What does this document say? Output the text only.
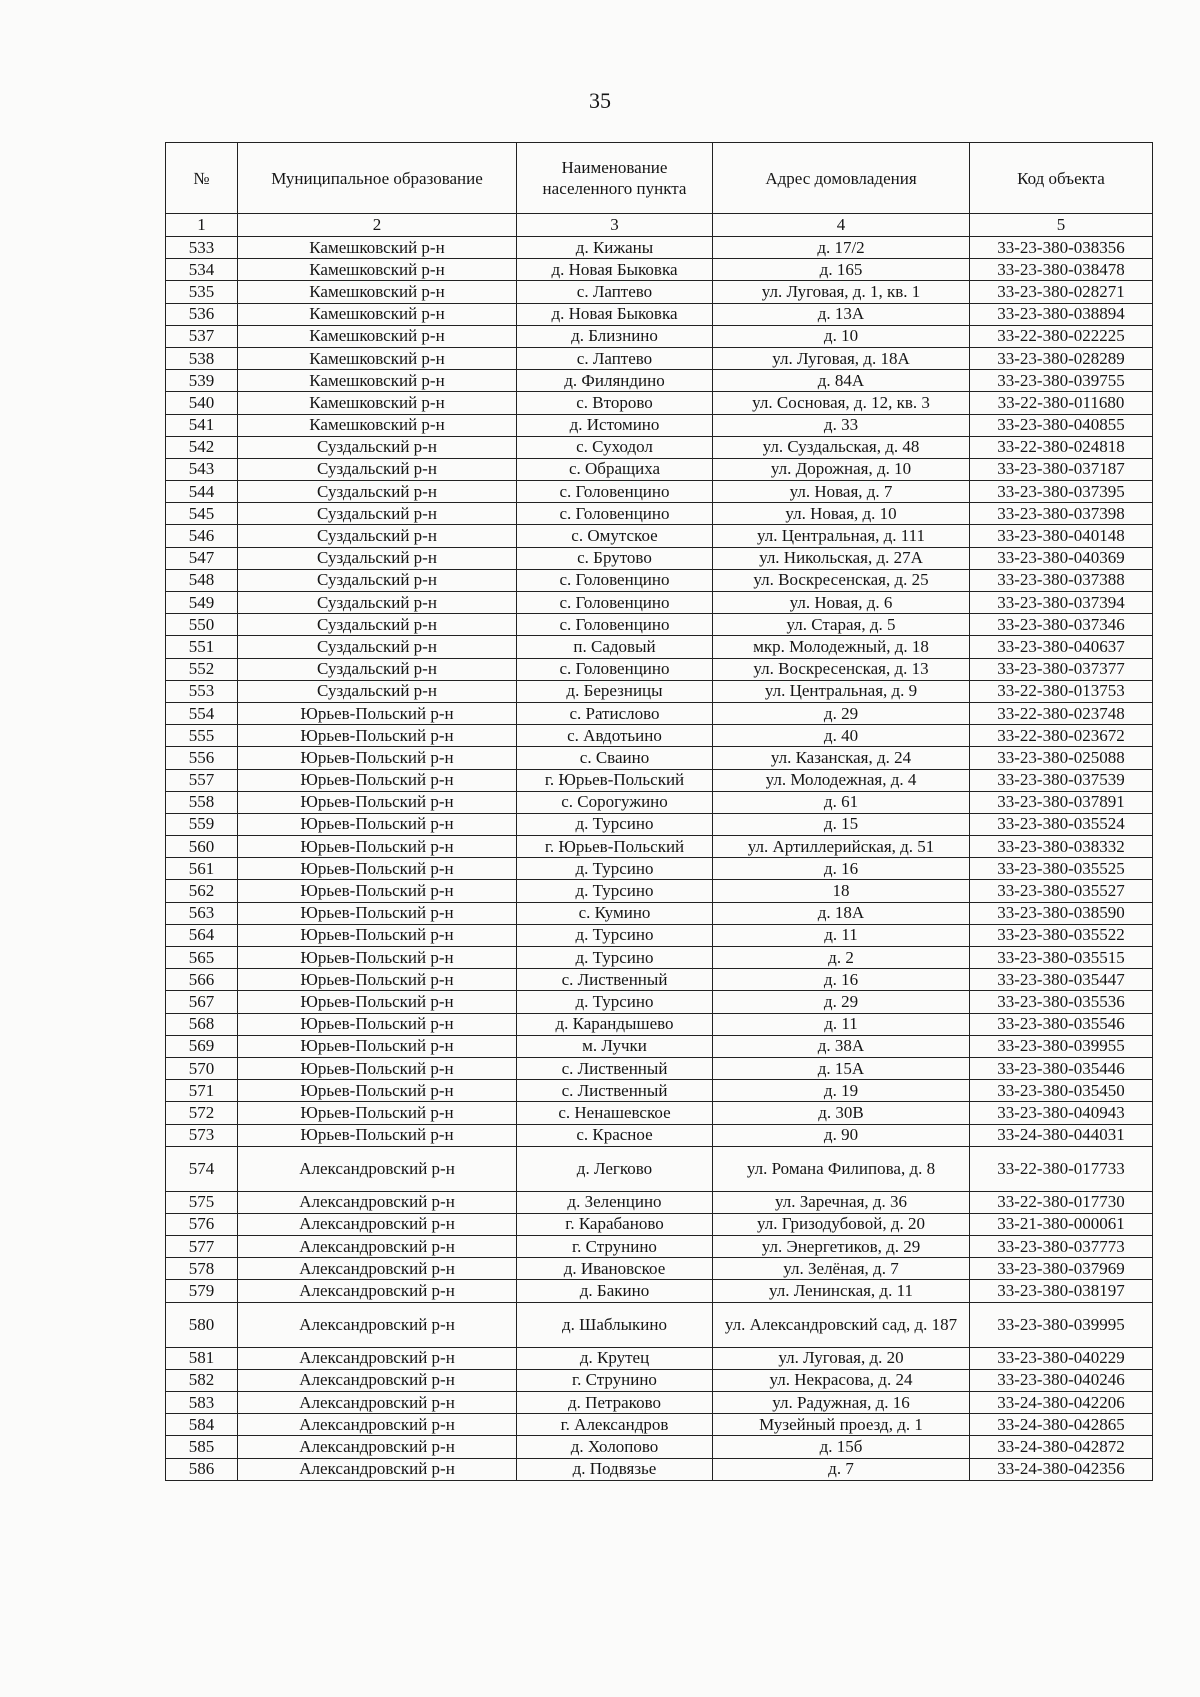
35
№	Муниципальное образование	Наименование населенного пункта	Адрес домовладения	Код объекта
1	2	3	4	5
533	Камешковский р-н	д. Кижаны	д. 17/2	33-23-380-038356
534	Камешковский р-н	д. Новая Быковка	д. 165	33-23-380-038478
535	Камешковский р-н	с. Лаптево	ул. Луговая, д. 1, кв. 1	33-23-380-028271
536	Камешковский р-н	д. Новая Быковка	д. 13А	33-23-380-038894
537	Камешковский р-н	д. Близнино	д. 10	33-22-380-022225
538	Камешковский р-н	с. Лаптево	ул. Луговая, д. 18А	33-23-380-028289
539	Камешковский р-н	д. Филяндино	д. 84А	33-23-380-039755
540	Камешковский р-н	с. Второво	ул. Сосновая, д. 12, кв. 3	33-22-380-011680
541	Камешковский р-н	д. Истомино	д. 33	33-23-380-040855
542	Суздальский р-н	с. Суходол	ул. Суздальская, д. 48	33-22-380-024818
543	Суздальский р-н	с. Обращиха	ул. Дорожная, д. 10	33-23-380-037187
544	Суздальский р-н	с. Головенцино	ул. Новая, д. 7	33-23-380-037395
545	Суздальский р-н	с. Головенцино	ул. Новая, д. 10	33-23-380-037398
546	Суздальский р-н	с. Омутское	ул. Центральная, д. 111	33-23-380-040148
547	Суздальский р-н	с. Брутово	ул. Никольская, д. 27А	33-23-380-040369
548	Суздальский р-н	с. Головенцино	ул. Воскресенская, д. 25	33-23-380-037388
549	Суздальский р-н	с. Головенцино	ул. Новая, д. 6	33-23-380-037394
550	Суздальский р-н	с. Головенцино	ул. Старая, д. 5	33-23-380-037346
551	Суздальский р-н	п. Садовый	мкр. Молодежный, д. 18	33-23-380-040637
552	Суздальский р-н	с. Головенцино	ул. Воскресенская, д. 13	33-23-380-037377
553	Суздальский р-н	д. Березницы	ул. Центральная, д. 9	33-22-380-013753
554	Юрьев-Польский р-н	с. Ратислово	д. 29	33-22-380-023748
555	Юрьев-Польский р-н	с. Авдотьино	д. 40	33-22-380-023672
556	Юрьев-Польский р-н	с. Сваино	ул. Казанская, д. 24	33-23-380-025088
557	Юрьев-Польский р-н	г. Юрьев-Польский	ул. Молодежная, д. 4	33-23-380-037539
558	Юрьев-Польский р-н	с. Сорогужино	д. 61	33-23-380-037891
559	Юрьев-Польский р-н	д. Турсино	д. 15	33-23-380-035524
560	Юрьев-Польский р-н	г. Юрьев-Польский	ул. Артиллерийская, д. 51	33-23-380-038332
561	Юрьев-Польский р-н	д. Турсино	д. 16	33-23-380-035525
562	Юрьев-Польский р-н	д. Турсино	18	33-23-380-035527
563	Юрьев-Польский р-н	с. Кумино	д. 18А	33-23-380-038590
564	Юрьев-Польский р-н	д. Турсино	д. 11	33-23-380-035522
565	Юрьев-Польский р-н	д. Турсино	д. 2	33-23-380-035515
566	Юрьев-Польский р-н	с. Лиственный	д. 16	33-23-380-035447
567	Юрьев-Польский р-н	д. Турсино	д. 29	33-23-380-035536
568	Юрьев-Польский р-н	д. Карандышево	д. 11	33-23-380-035546
569	Юрьев-Польский р-н	м. Лучки	д. 38А	33-23-380-039955
570	Юрьев-Польский р-н	с. Лиственный	д. 15А	33-23-380-035446
571	Юрьев-Польский р-н	с. Лиственный	д. 19	33-23-380-035450
572	Юрьев-Польский р-н	с. Ненашевское	д. 30В	33-23-380-040943
573	Юрьев-Польский р-н	с. Красное	д. 90	33-24-380-044031
574	Александровский р-н	д. Легково	ул. Романа Филипова, д. 8	33-22-380-017733
575	Александровский р-н	д. Зеленцино	ул. Заречная, д. 36	33-22-380-017730
576	Александровский р-н	г. Карабаново	ул. Гризодубовой, д. 20	33-21-380-000061
577	Александровский р-н	г. Струнино	ул. Энергетиков, д. 29	33-23-380-037773
578	Александровский р-н	д. Ивановское	ул. Зелёная, д. 7	33-23-380-037969
579	Александровский р-н	д. Бакино	ул. Ленинская, д. 11	33-23-380-038197
580	Александровский р-н	д. Шаблыкино	ул. Александровский сад, д. 187	33-23-380-039995
581	Александровский р-н	д. Крутец	ул. Луговая, д. 20	33-23-380-040229
582	Александровский р-н	г. Струнино	ул. Некрасова, д. 24	33-23-380-040246
583	Александровский р-н	д. Петраково	ул. Радужная, д. 16	33-24-380-042206
584	Александровский р-н	г. Александров	Музейный проезд, д. 1	33-24-380-042865
585	Александровский р-н	д. Холопово	д. 15б	33-24-380-042872
586	Александровский р-н	д. Подвязье	д. 7	33-24-380-042356
